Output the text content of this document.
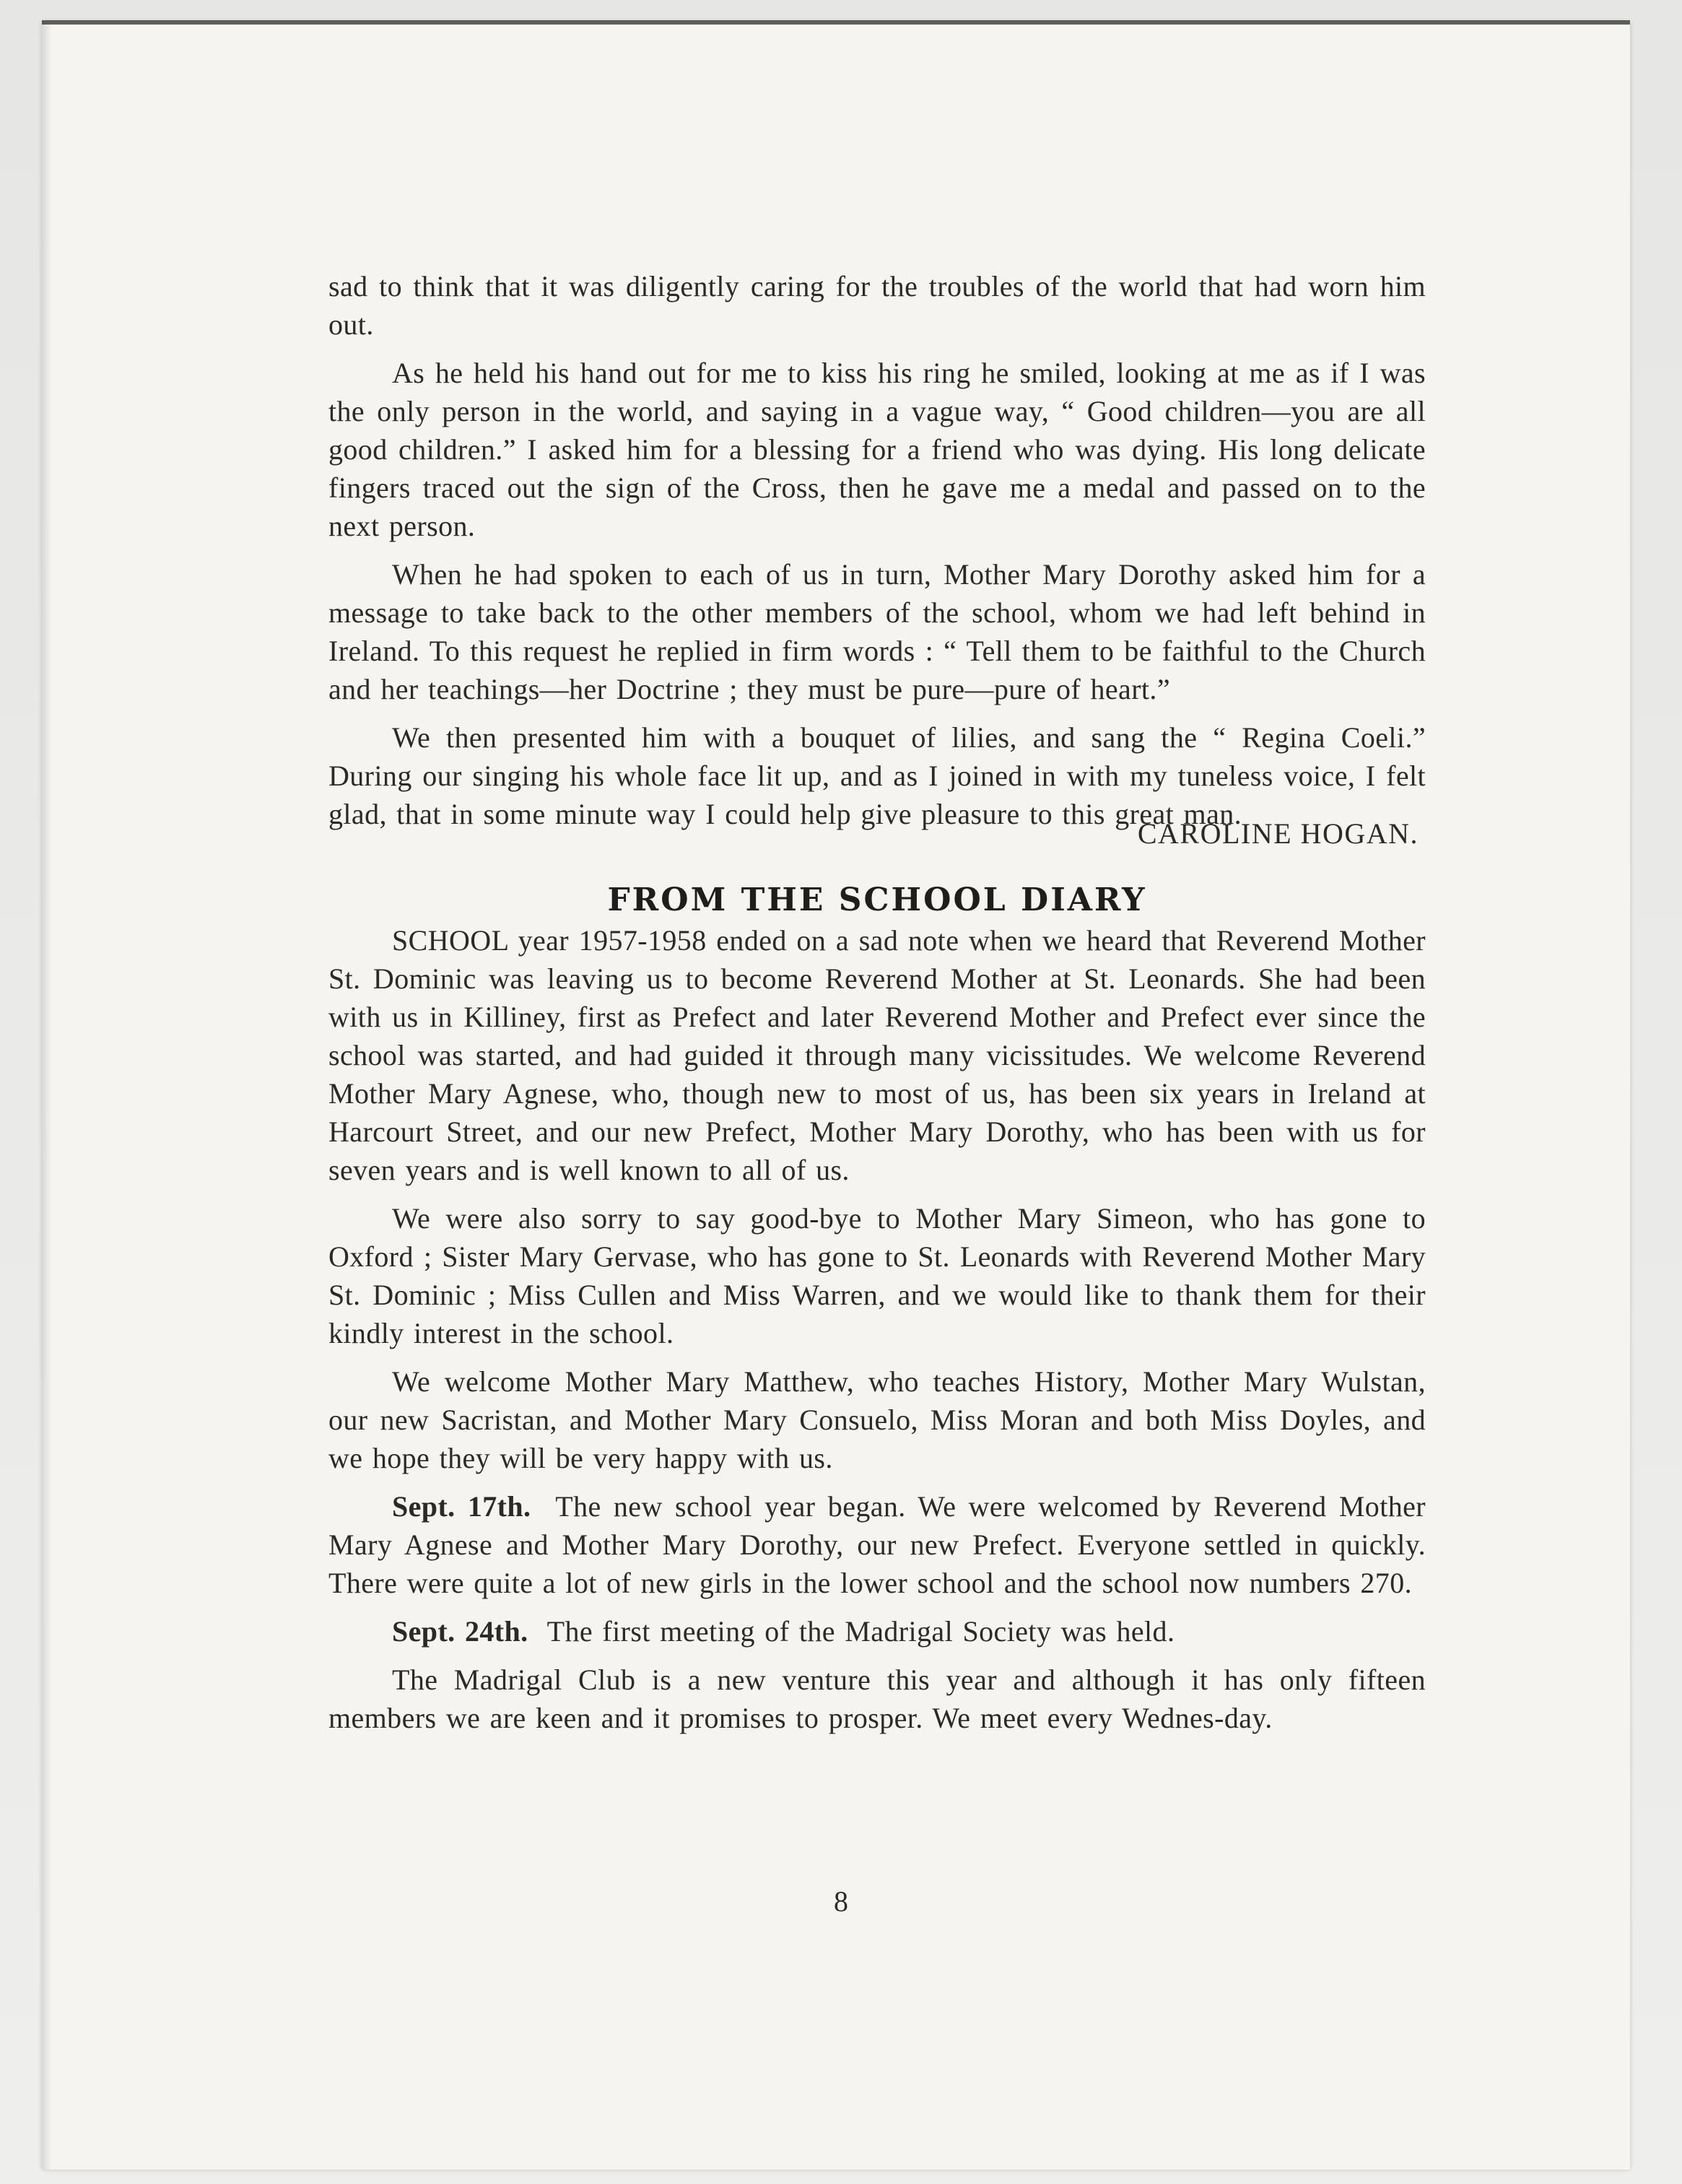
sad to think that it was diligently caring for the troubles of the world that had worn him out.

As he held his hand out for me to kiss his ring he smiled, looking at me as if I was the only person in the world, and saying in a vague way, “ Good children—you are all good children.” I asked him for a blessing for a friend who was dying. His long delicate fingers traced out the sign of the Cross, then he gave me a medal and passed on to the next person.

When he had spoken to each of us in turn, Mother Mary Dorothy asked him for a message to take back to the other members of the school, whom we had left behind in Ireland. To this request he replied in firm words : “ Tell them to be faithful to the Church and her teachings—her Doctrine ; they must be pure—pure of heart.”

We then presented him with a bouquet of lilies, and sang the “ Regina Coeli.” During our singing his whole face lit up, and as I joined in with my tuneless voice, I felt glad, that in some minute way I could help give pleasure to this great man.

CAROLINE HOGAN.
FROM THE SCHOOL DIARY

SCHOOL year 1957-1958 ended on a sad note when we heard that Reverend Mother St. Dominic was leaving us to become Reverend Mother at St. Leonards. She had been with us in Killiney, first as Prefect and later Reverend Mother and Prefect ever since the school was started, and had guided it through many vicissitudes. We welcome Reverend Mother Mary Agnese, who, though new to most of us, has been six years in Ireland at Harcourt Street, and our new Prefect, Mother Mary Dorothy, who has been with us for seven years and is well known to all of us.

We were also sorry to say good-bye to Mother Mary Simeon, who has gone to Oxford ; Sister Mary Gervase, who has gone to St. Leonards with Reverend Mother Mary St. Dominic ; Miss Cullen and Miss Warren, and we would like to thank them for their kindly interest in the school.

We welcome Mother Mary Matthew, who teaches History, Mother Mary Wulstan, our new Sacristan, and Mother Mary Consuelo, Miss Moran and both Miss Doyles, and we hope they will be very happy with us.

Sept. 17th. The new school year began. We were welcomed by Reverend Mother Mary Agnese and Mother Mary Dorothy, our new Prefect. Everyone settled in quickly. There were quite a lot of new girls in the lower school and the school now numbers 270.

Sept. 24th. The first meeting of the Madrigal Society was held.

The Madrigal Club is a new venture this year and although it has only fifteen members we are keen and it promises to prosper. We meet every Wednes-day.

8
